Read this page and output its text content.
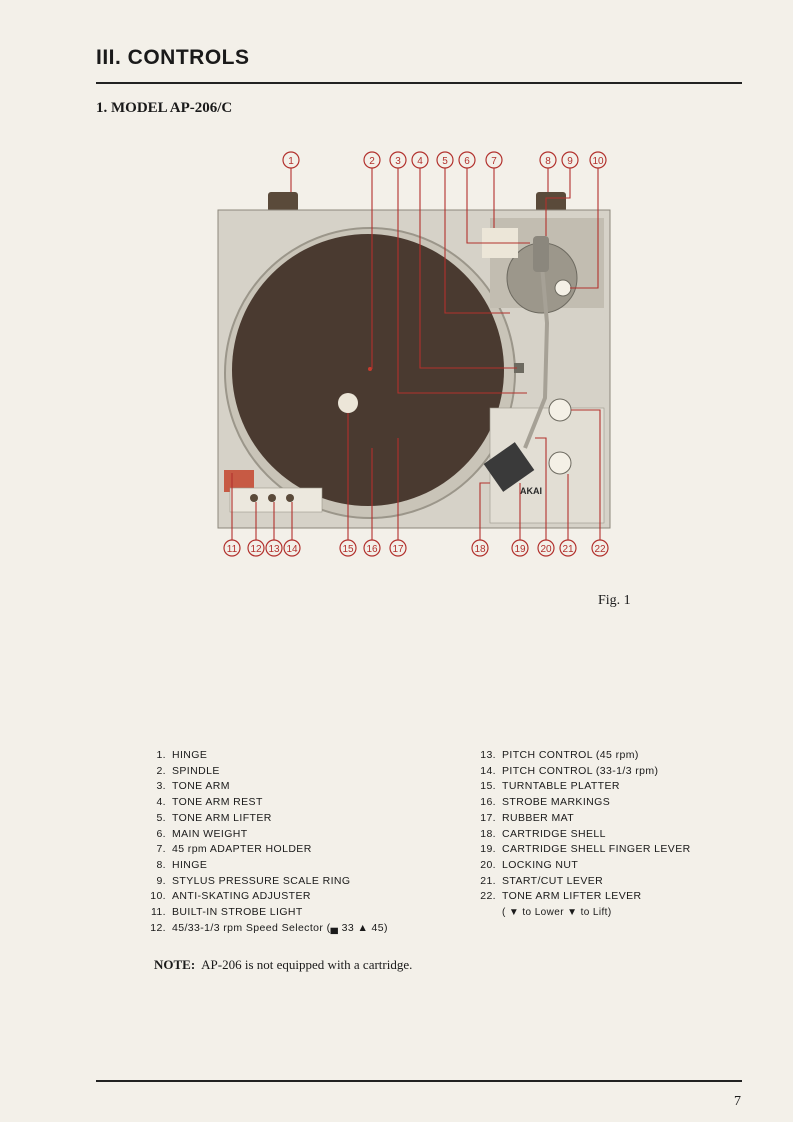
III. CONTROLS
1. MODEL AP-206/C
AKAI
1	2 3 4 5 6 7	8 9 10
11 12 13 14	15 16 17	18	19 20 21 22
Fig. 1
1. HINGE
2. SPINDLE
3. TONE ARM
4. TONE ARM REST
5. TONE ARM LIFTER
6. MAIN WEIGHT
7. 45 rpm ADAPTER HOLDER
8. HINGE
9. STYLUS PRESSURE SCALE RING
10. ANTI-SKATING ADJUSTER
11. BUILT-IN STROBE LIGHT
12. 45/33-1/3 rpm Speed Selector (▄ 33 ▲ 45)
13. PITCH CONTROL (45 rpm)
14. PITCH CONTROL (33-1/3 rpm)
15. TURNTABLE PLATTER
16. STROBE MARKINGS
17. RUBBER MAT
18. CARTRIDGE SHELL
19. CARTRIDGE SHELL FINGER LEVER
20. LOCKING NUT
21. START/CUT LEVER
22. TONE ARM LIFTER LEVER
( ▼ to Lower ▼ to Lift)
NOTE: AP-206 is not equipped with a cartridge.
7
